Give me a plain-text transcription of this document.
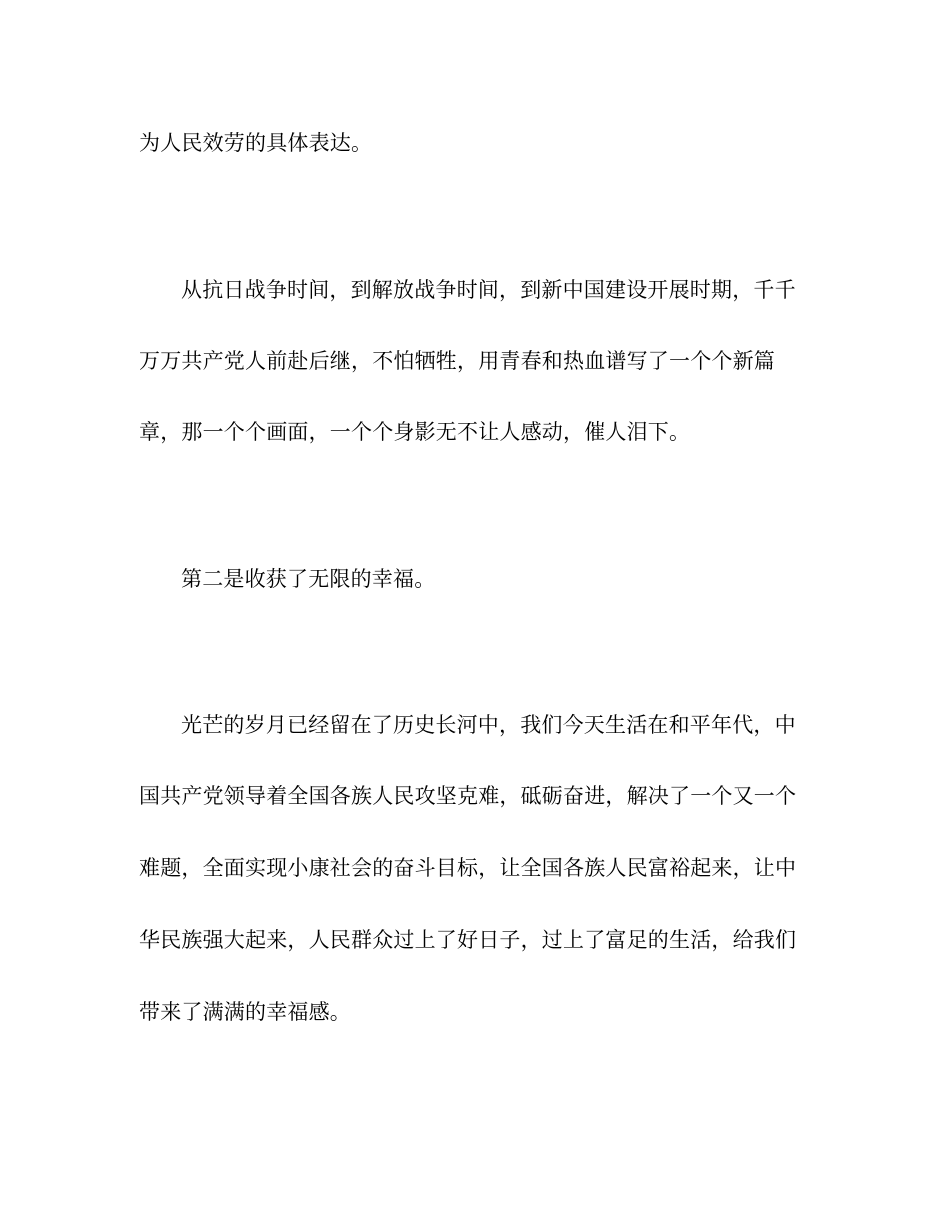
为人民效劳的具体表达。
从抗日战争时间，到解放战争时间，到新中国建设开展时期，千千
万万共产党人前赴后继，不怕牺牲，用青春和热血谱写了一个个新篇
章，那一个个画面，一个个身影无不让人感动，催人泪下。
第二是收获了无限的幸福。
光芒的岁月已经留在了历史长河中，我们今天生活在和平年代，中
国共产党领导着全国各族人民攻坚克难，砥砺奋进，解决了一个又一个
难题，全面实现小康社会的奋斗目标，让全国各族人民富裕起来，让中
华民族强大起来，人民群众过上了好日子，过上了富足的生活，给我们
带来了满满的幸福感。
